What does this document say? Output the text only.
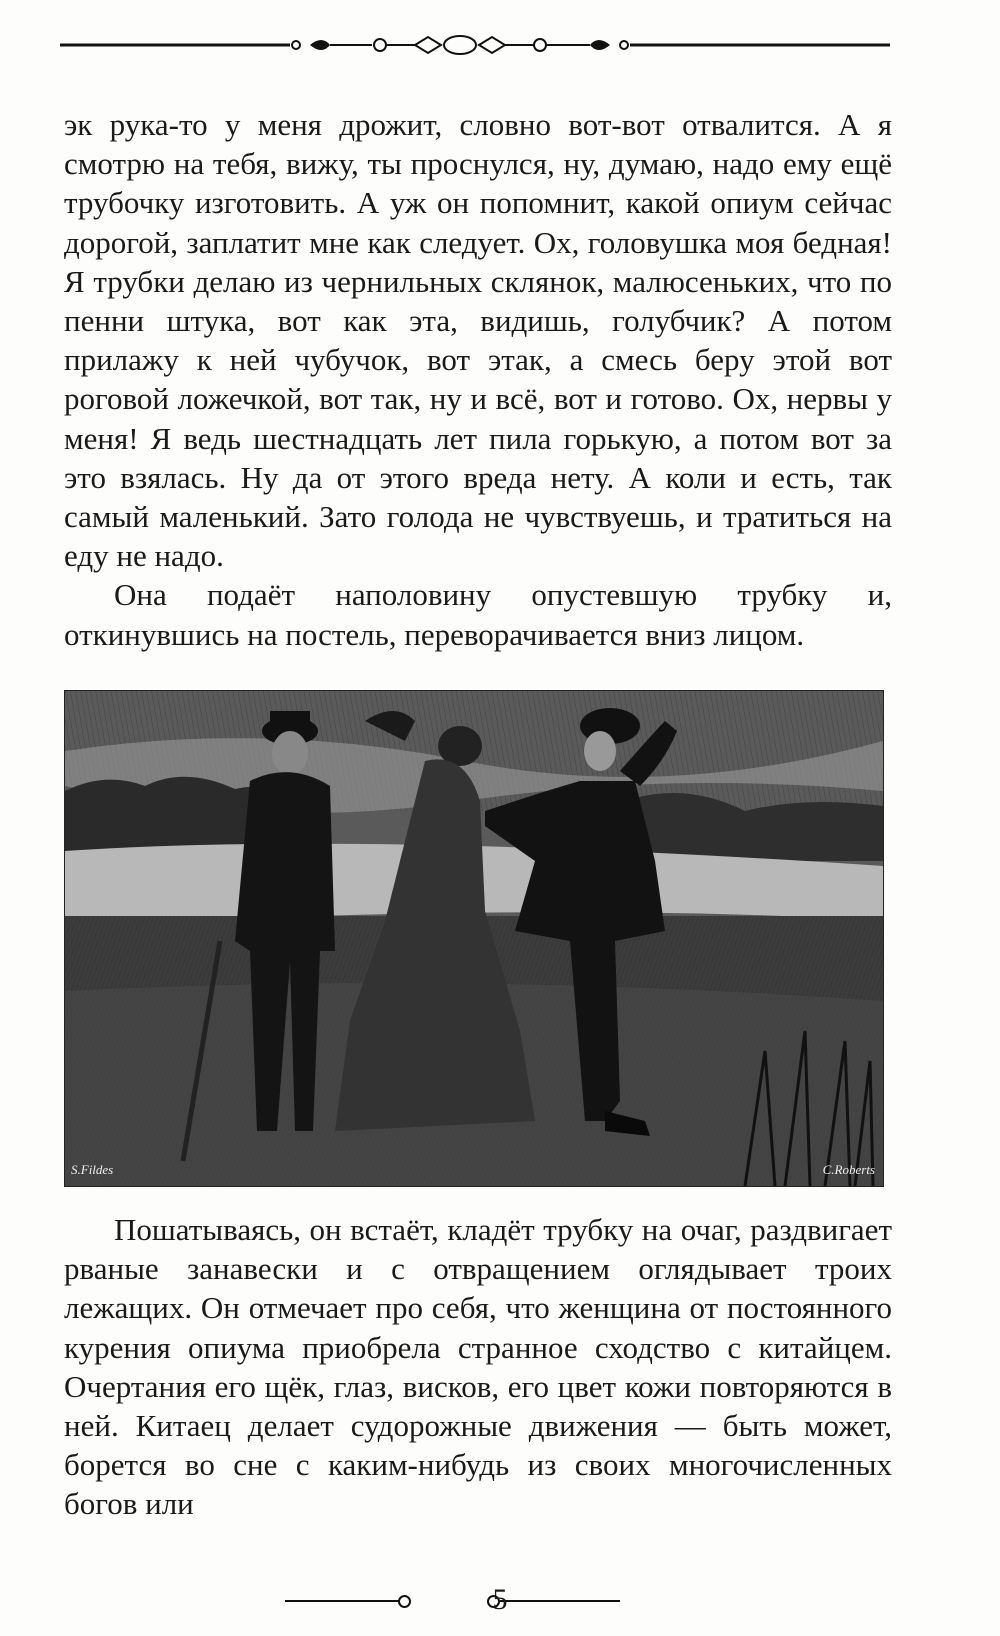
эк рука-то у меня дрожит, словно вот-вот отвалится. А я смотрю на тебя, вижу, ты проснулся, ну, думаю, надо ему ещё трубочку изготовить. А уж он попомнит, какой опиум сейчас дорогой, заплатит мне как следует. Ох, головушка моя бедная! Я трубки делаю из чернильных склянок, малюсеньких, что по пенни штука, вот как эта, видишь, голубчик? А потом прилажу к ней чубучок, вот этак, а смесь беру этой вот роговой ложечкой, вот так, ну и всё, вот и готово. Ох, нервы у меня! Я ведь шестнадцать лет пила горькую, а потом вот за это взялась. Ну да от этого вреда нету. А коли и есть, так самый маленький. Зато голода не чувствуешь, и тратиться на еду не надо.

Она подаёт наполовину опустевшую трубку и, откинувшись на постель, переворачивается вниз лицом.

S.Fildes	C.Roberts

Пошатываясь, он встаёт, кладёт трубку на очаг, раздвигает рваные занавески и с отвращением оглядывает троих лежащих. Он отмечает про себя, что женщина от постоянного курения опиума приобрела странное сходство с китайцем. Очертания его щёк, глаз, висков, его цвет кожи повторяются в ней. Китаец делает судорожные движения — быть может, борется во сне с каким-нибудь из своих многочисленных богов или

5
